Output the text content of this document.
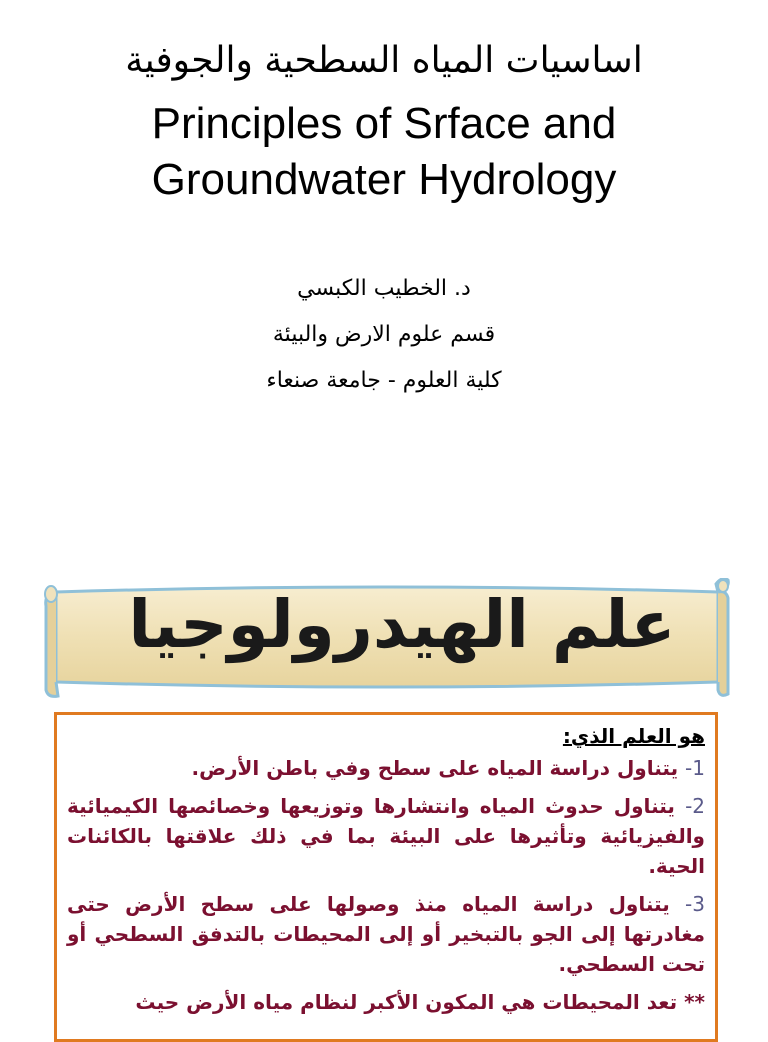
اساسيات المياه السطحية والجوفية
Principles of Srface and
Groundwater Hydrology
د. الخطيب الكبسي
قسم علوم الارض والبيئة
كلية العلوم - جامعة صنعاء
علم الهيدرولوجيا

هو العلم الذي:

1- يتناول دراسة المياه على سطح وفي باطن الأرض.

2- يتناول حدوث المياه وانتشارها وتوزيعها وخصائصها الكيميائية والفيزيائية وتأثيرها على البيئة بما في ذلك علاقتها بالكائنات الحية.

3- يتناول دراسة المياه منذ وصولها على سطح الأرض حتى مغادرتها إلى الجو بالتبخير أو إلى المحيطات بالتدفق السطحي أو تحت السطحي.

** تعد المحيطات هي المكون الأكبر لنظام مياه الأرض حيث
